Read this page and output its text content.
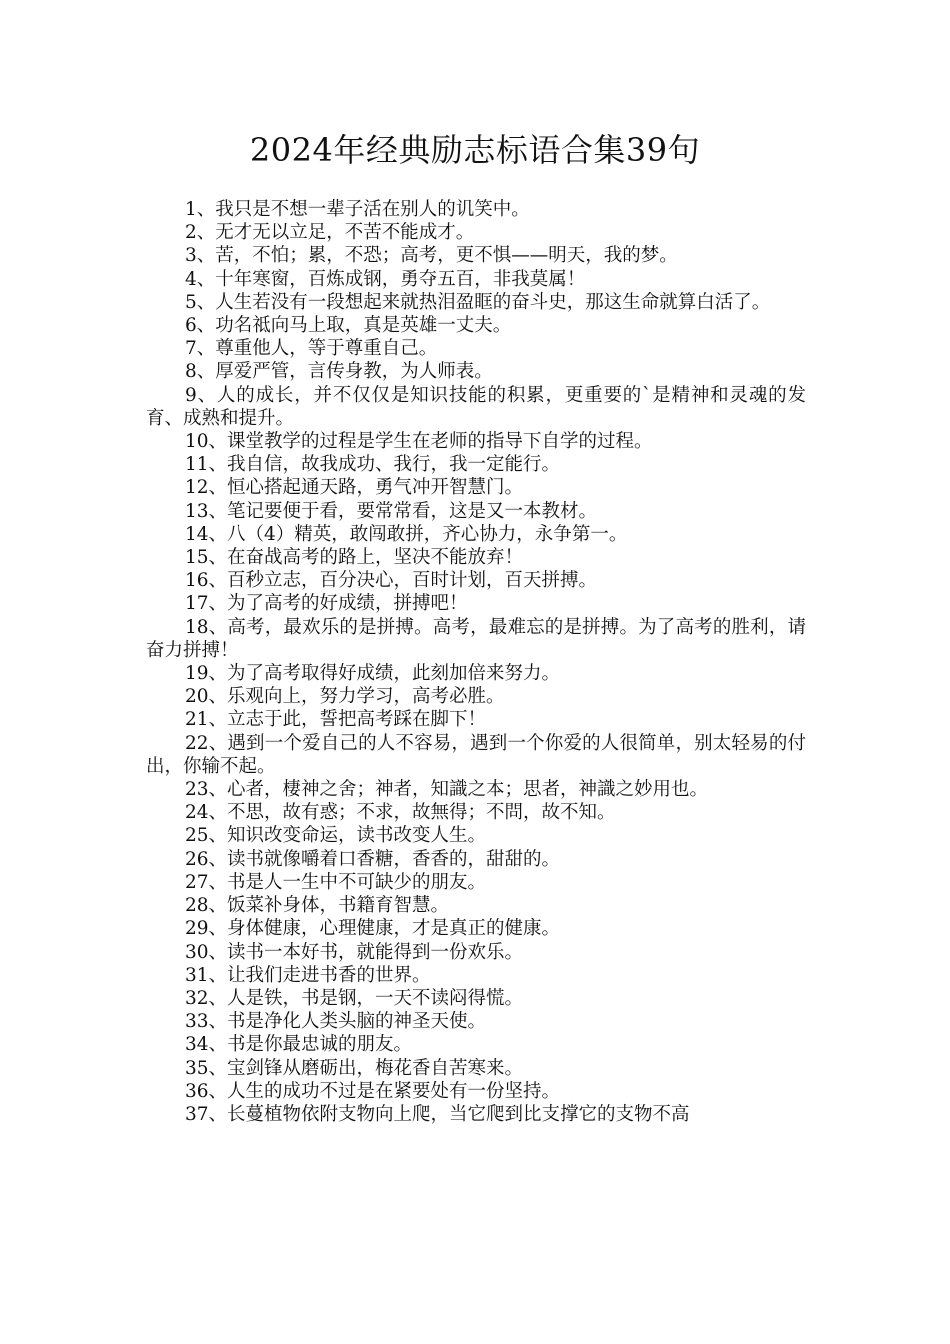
2024年经典励志标语合集39句

1、我只是不想一辈子活在别人的讥笑中。

2、无才无以立足，不苦不能成才。

3、苦，不怕；累，不恐；高考，更不惧——明天，我的梦。

4、十年寒窗，百炼成钢，勇夺五百，非我莫属！

5、人生若没有一段想起来就热泪盈眶的奋斗史，那这生命就算白活了。

6、功名祗向马上取，真是英雄一丈夫。

7、尊重他人，等于尊重自己。

8、厚爱严管，言传身教，为人师表。

9、人的成长，并不仅仅是知识技能的积累，更重要的`是精神和灵魂的发育、成熟和提升。

10、课堂教学的过程是学生在老师的指导下自学的过程。

11、我自信，故我成功、我行，我一定能行。

12、恒心搭起通天路，勇气冲开智慧门。

13、笔记要便于看，要常常看，这是又一本教材。

14、八（4）精英，敢闯敢拼，齐心协力，永争第一。

15、在奋战高考的路上，坚决不能放弃！

16、百秒立志，百分决心，百时计划，百天拼搏。

17、为了高考的好成绩，拼搏吧！

18、高考，最欢乐的是拼搏。高考，最难忘的是拼搏。为了高考的胜利，请奋力拼搏！

19、为了高考取得好成绩，此刻加倍来努力。

20、乐观向上，努力学习，高考必胜。

21、立志于此，誓把高考踩在脚下！

22、遇到一个爱自己的人不容易，遇到一个你爱的人很简单，别太轻易的付出，你输不起。

23、心者，棲神之舍；神者，知識之本；思者，神識之妙用也。

24、不思，故有惑；不求，故無得；不問，故不知。

25、知识改变命运，读书改变人生。

26、读书就像嚼着口香糖，香香的，甜甜的。

27、书是人一生中不可缺少的朋友。

28、饭菜补身体，书籍育智慧。

29、身体健康，心理健康，才是真正的健康。

30、读书一本好书，就能得到一份欢乐。

31、让我们走进书香的世界。

32、人是铁，书是钢，一天不读闷得慌。

33、书是净化人类头脑的神圣天使。

34、书是你最忠诚的朋友。

35、宝剑锋从磨砺出，梅花香自苦寒来。

36、人生的成功不过是在紧要处有一份坚持。

37、长蔓植物依附支物向上爬，当它爬到比支撑它的支物不高
